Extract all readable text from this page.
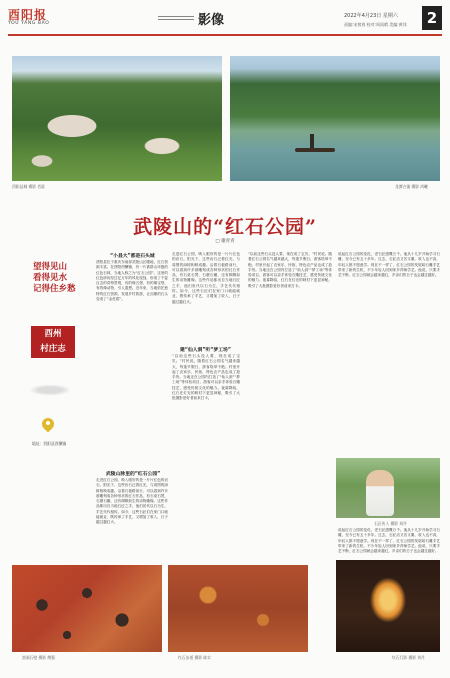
酉阳报
YOU YANG BAO	影像	2022年4月23日 星期六
责编:宋茜春 校对:周雨晴 美编:黄邦	2
酉阳县城 摄影 肖晨	龙潭古镇 摄影 尚曦
武陵山的“红石公园”
□ 谢青青
望得见山
看得见水
记得住乡愁
酉州
村庄志
地址：酉阳县酉酬镇
“小县大”都是石头城
酉阳县位于重庆东南部武陵山区腹地，红石资源丰富。在酉阳酉酬镇，有一片被群山环抱的红色石林，当地人称之为“红石公园”。这里的红色砂岩经过亿万年的风化侵蚀，形成了千姿百态的奇特景观，有的像古堡，有的像宝塔，有的像动物，引人遐想。近年来，当地依托独特的红石资源，发展乡村旅游，让沉睡的石头变成了“金疙瘩”。
武陵山脉里的“红石公园”
走进红石公园，映入眼帘的是一片片红色的岩石。阳光下，这些岩石泛着红光，与周围的绿树相映成趣。沿着石板路前行，可以看到许多被雕刻成各种形状的红石作品，有石桌石凳、石磨石碾，还有栩栩如生的动物雕像。这些作品都出自当地石匠之手，他们世代以石为生，手艺代代相传。如今，这些石匠们在家门口就能就业，既传承了手艺，又增加了收入，日子越过越红火。
走进红石公园，映入眼帘的是一片片红色的岩石。阳光下，这些岩石泛着红光，与周围的绿树相映成趣。沿着石板路前行，可以看到许多被雕刻成各种形状的红石作品，有石桌石凳、石磨石碾，还有栩栩如生的动物雕像。这些作品都出自当地石匠之手，他们世代以石为生，手艺代代相传。如今，这些石匠们在家门口就能就业，既传承了手艺，又增加了收入，日子越过越红火。
建“仙人洞”听“梦工场”
“以前这些石头没人要，现在成了宝贝。”村民说。随着红石公园名气越来越大，每逢节假日，游客络绎不绝。村里开起了农家乐、民宿，特色农产品也成了抢手货。当地还在公园内打造了“仙人洞”“梦工场”等体验项目，游客可以亲手体验石雕技艺，感受传统文化的魅力。夜幕降临，红石在灯光的映衬下更显神秘，吸引了大批摄影爱好者前来打卡。
“以前这些石头没人要，现在成了宝贝。”村民说。随着红石公园名气越来越大，每逢节假日，游客络绎不绝。村里开起了农家乐、民宿，特色农产品也成了抢手货。当地还在公园内打造了“仙人洞”“梦工场”等体验项目，游客可以亲手体验石雕技艺，感受传统文化的魅力。夜幕降临，红石在灯光的映衬下更显神秘，吸引了大批摄影爱好者前来打卡。
说起红石公园的变化，老石匠感慨万千。他从十几岁开始学习石雕，至今已有五十多年。过去，石匠活又苦又累，收入也不高，年轻人都不愿意学。现在不一样了，红石公园的发展给石雕手艺带来了新的生机，不少年轻人回到家乡拜师学艺。他说，只要手艺不断，红石公园就会越来越红，乡亲们的日子也会越过越好。
石匠传人 摄影 刘丹
说起红石公园的变化，老石匠感慨万千。他从十几岁开始学习石雕，至今已有五十多年。过去，石匠活又苦又累，收入也不高，年轻人都不愿意学。现在不一样了，红石公园的发展给石雕手艺带来了新的生机，不少年轻人回到家乡拜师学艺。他说，只要手艺不断，红石公园就会越来越红，乡亲们的日子也会越过越好。
溶洞石壁 摄影 傅强	红石步道 摄影 陈实	红石灯影 摄影 刘丹
